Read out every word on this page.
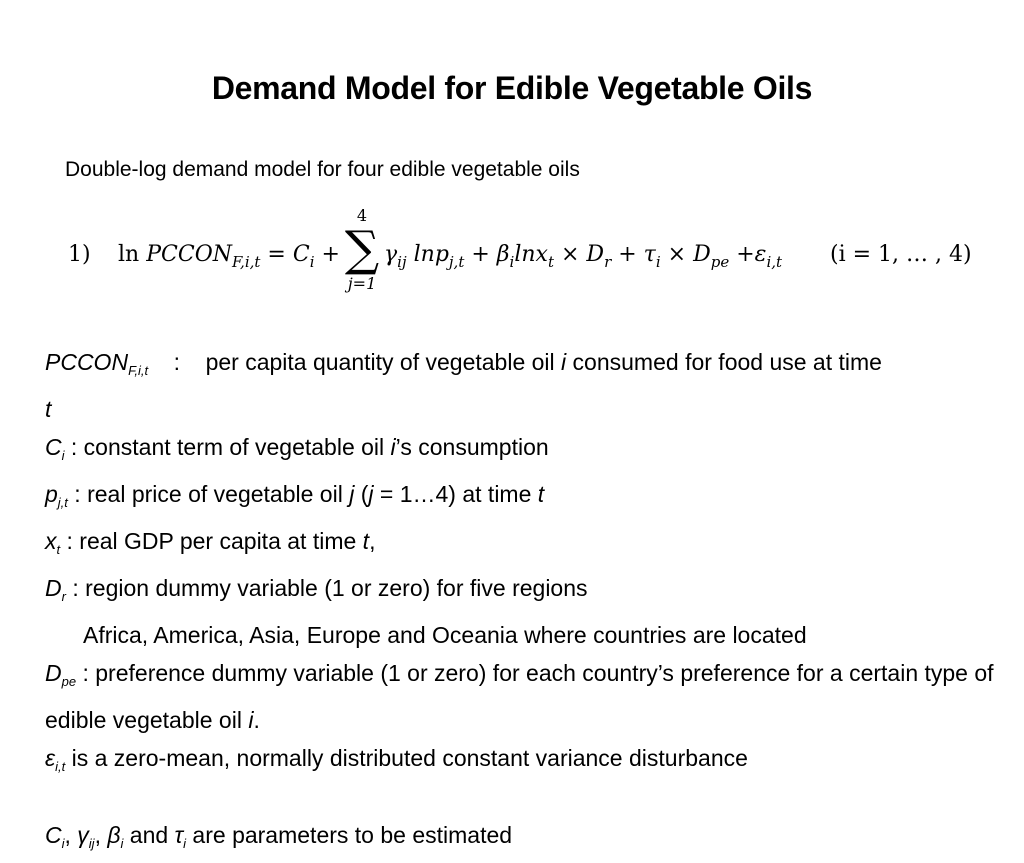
Demand Model for Edible Vegetable Oils
Double-log demand model for four edible vegetable oils
1) $\ln PCCON_{F,i,t} = C_i$ +
4
∑
j=1
$\gamma_{ij}$ $\ln p_{j,t} + \beta_i\ln x_t \times D_r + \tau_i \times D_{pe} +\varepsilon_{i,t}$ (i = 1, … , 4)
$PCCON_{F,i,t}$ : per capita quantity of vegetable oil i consumed for food use at time
t
$C_i$ : constant term of vegetable oil i’s consumption
$p_{j,t}$ : real price of vegetable oil j (j = 1…4) at time t
$x_t$ : real GDP per capita at time t,
$D_r$ : region dummy variable (1 or zero) for five regions
Africa, America, Asia, Europe and Oceania where countries are located
$D_{pe}$ : preference dummy variable (1 or zero) for each country’s preference for a certain type of edible vegetable oil i.
$\varepsilon_{i,t}$ is a zero-mean, normally distributed constant variance disturbance
$C_i$, $\gamma_{ij}$, $\beta_i$ and $\tau_i$ are parameters to be estimated
